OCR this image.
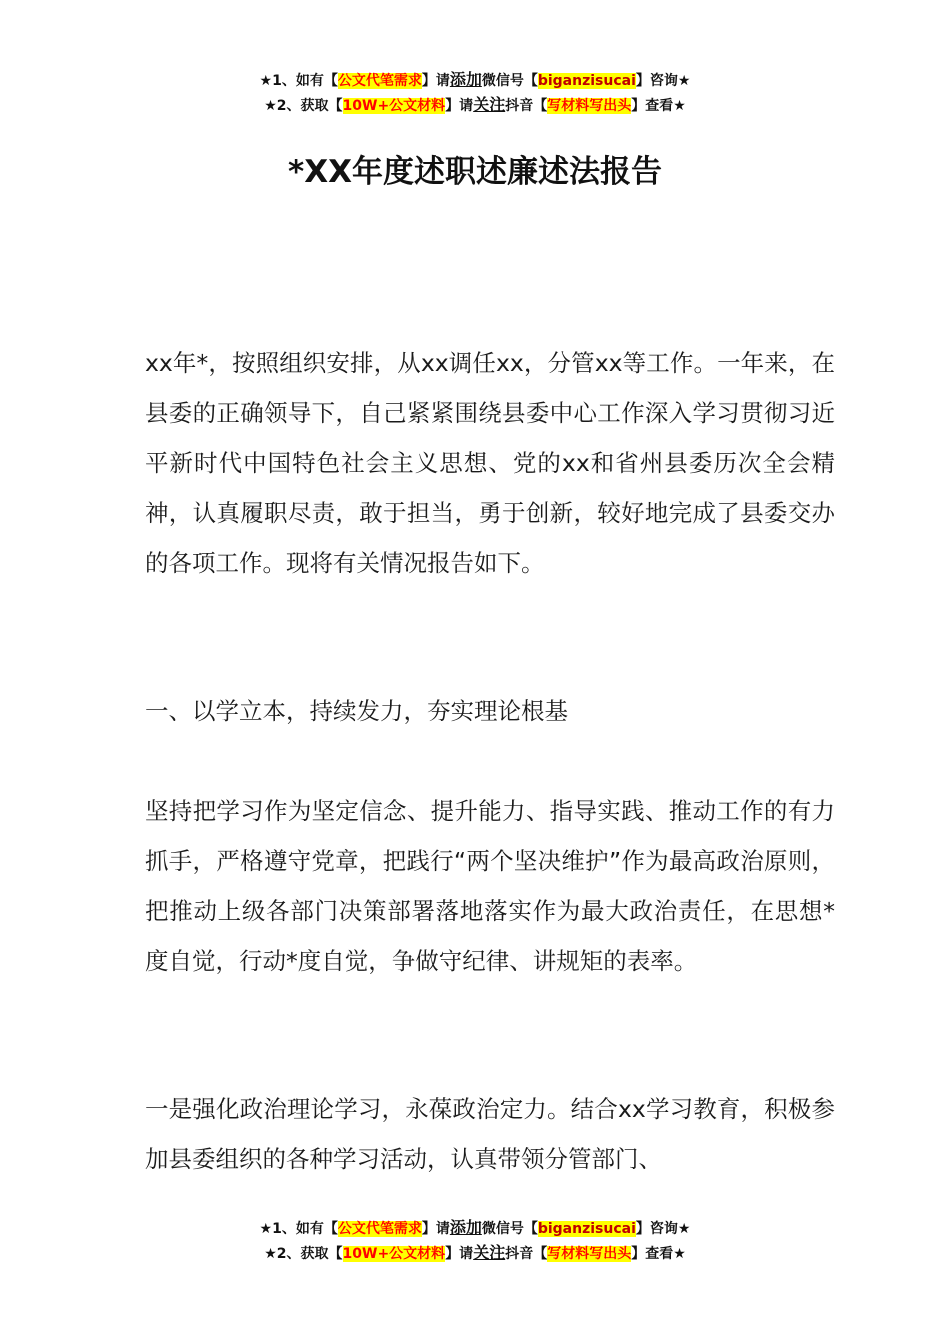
★1、如有【公文代笔需求】请添加微信号【biganzisucai】咨询★
★2、获取【10W+公文材料】请关注抖音【写材料写出头】查看★
*XX年度述职述廉述法报告

xx年*，按照组织安排，从xx调任xx，分管xx等工作。一年来，在县委的正确领导下，自己紧紧围绕县委中心工作深入学习贯彻习近平新时代中国特色社会主义思想、党的xx和省州县委历次全会精神，认真履职尽责，敢于担当，勇于创新，较好地完成了县委交办的各项工作。现将有关情况报告如下。

一、以学立本，持续发力，夯实理论根基

坚持把学习作为坚定信念、提升能力、指导实践、推动工作的有力抓手，严格遵守党章，把践行“两个坚决维护”作为最高政治原则，把推动上级各部门决策部署落地落实作为最大政治责任，在思想*度自觉，行动*度自觉，争做守纪律、讲规矩的表率。

一是强化政治理论学习，永葆政治定力。结合xx学习教育，积极参加县委组织的各种学习活动，认真带领分管部门、

★1、如有【公文代笔需求】请添加微信号【biganzisucai】咨询★
★2、获取【10W+公文材料】请关注抖音【写材料写出头】查看★
